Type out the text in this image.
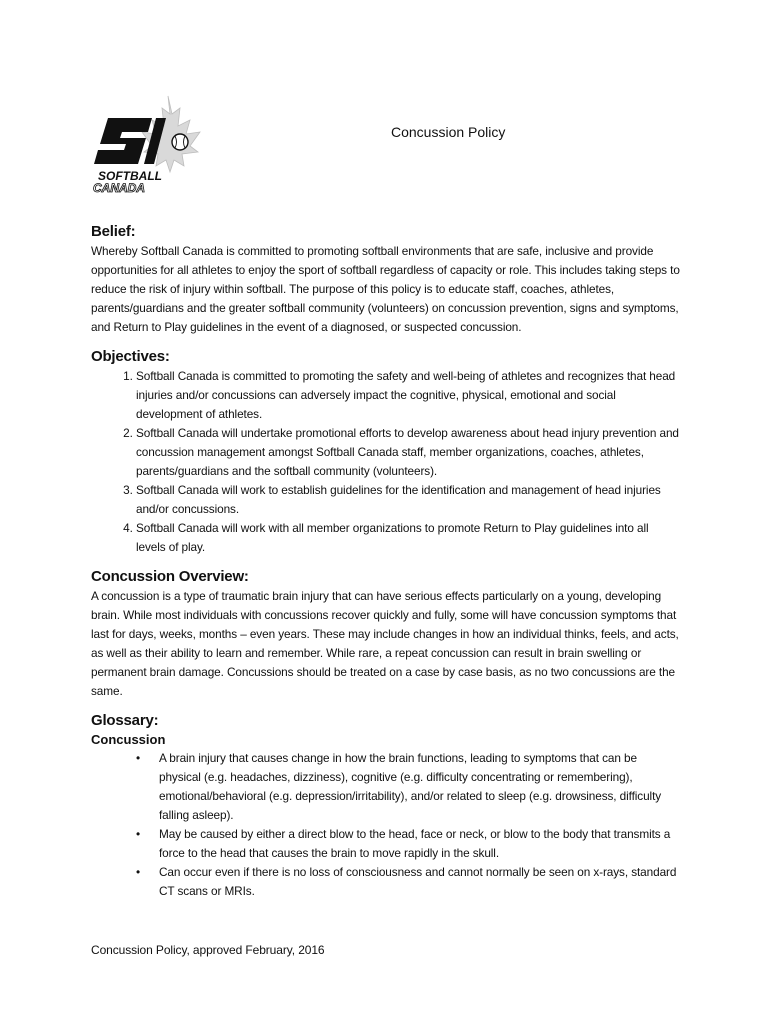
SOFTBALL
CANADA
Concussion Policy
Belief:

Whereby Softball Canada is committed to promoting softball environments that are safe, inclusive and provide opportunities for all athletes to enjoy the sport of softball regardless of capacity or role. This includes taking steps to reduce the risk of injury within softball. The purpose of this policy is to educate staff, coaches, athletes, parents/guardians and the greater softball community (volunteers) on concussion prevention, signs and symptoms, and Return to Play guidelines in the event of a diagnosed, or suspected concussion.

Objectives:
1. Softball Canada is committed to promoting the safety and well-being of athletes and recognizes that head injuries and/or concussions can adversely impact the cognitive, physical, emotional and social development of athletes.
2. Softball Canada will undertake promotional efforts to develop awareness about head injury prevention and concussion management amongst Softball Canada staff, member organizations, coaches, athletes, parents/guardians and the softball community (volunteers).
3. Softball Canada will work to establish guidelines for the identification and management of head injuries and/or concussions.
4. Softball Canada will work with all member organizations to promote Return to Play guidelines into all levels of play.
Concussion Overview:

A concussion is a type of traumatic brain injury that can have serious effects particularly on a young, developing brain. While most individuals with concussions recover quickly and fully, some will have concussion symptoms that last for days, weeks, months – even years. These may include changes in how an individual thinks, feels, and acts, as well as their ability to learn and remember. While rare, a repeat concussion can result in brain swelling or permanent brain damage. Concussions should be treated on a case by case basis, as no two concussions are the same.

Glossary:
Concussion
• A brain injury that causes change in how the brain functions, leading to symptoms that can be physical (e.g. headaches, dizziness), cognitive (e.g. difficulty concentrating or remembering), emotional/behavioral (e.g. depression/irritability), and/or related to sleep (e.g. drowsiness, difficulty falling asleep).
• May be caused by either a direct blow to the head, face or neck, or blow to the body that transmits a force to the head that causes the brain to move rapidly in the skull.
• Can occur even if there is no loss of consciousness and cannot normally be seen on x-rays, standard CT scans or MRIs.
Concussion Policy, approved February, 2016
